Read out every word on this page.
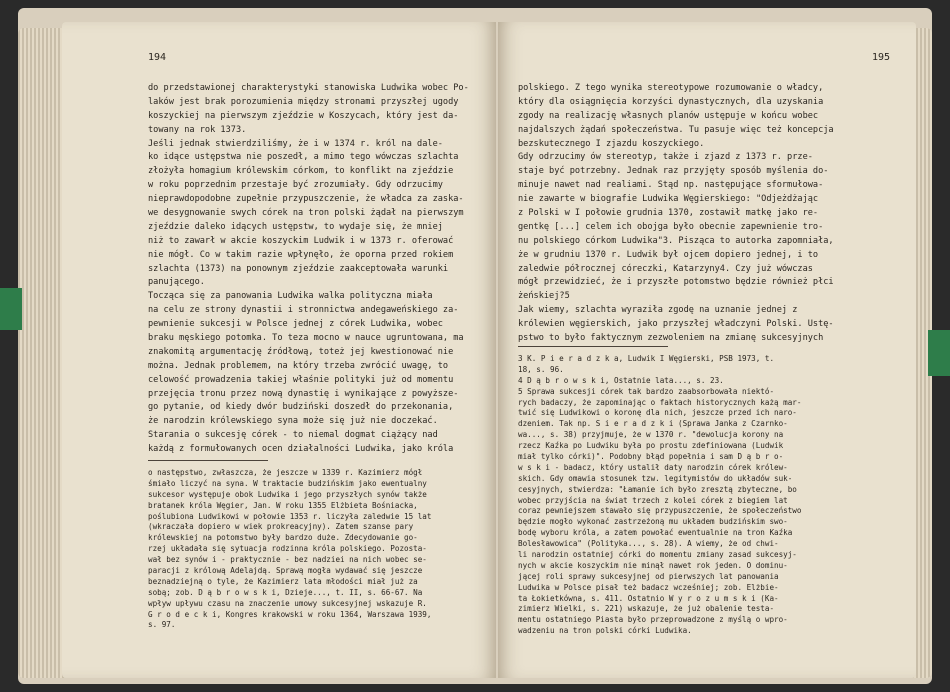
194
do przedstawionej charakterystyki stanowiska Ludwika wobec Po-
laków jest brak porozumienia między stronami przyszłej ugody
koszyckiej na pierwszym zjeździe w Koszycach, który jest da-
towany na rok 1373.
Jeśli jednak stwierdziliśmy, że i w 1374 r. król na dale-
ko idące ustępstwa nie poszedł, a mimo tego wówczas szlachta
złożyła homagium królewskim córkom, to konflikt na zjeździe
w roku poprzednim przestaje być zrozumiały. Gdy odrzucimy
nieprawdopodobne zupełnie przypuszczenie, że władca za zaska-
we desygnowanie swych córek na tron polski żądał na pierwszym
zjeździe daleko idących ustępstw, to wydaje się, że mniej
niż to zawarł w akcie koszyckim Ludwik i w 1373 r. oferować
nie mógł. Co w takim razie wpłynęło, że oporna przed rokiem
szlachta (1373) na ponownym zjeździe zaakceptowała warunki
panującego.
Tocząca się za panowania Ludwika walka polityczna miała
na celu ze strony dynastii i stronnictwa andegaweńskiego za-
pewnienie sukcesji w Polsce jednej z córek Ludwika, wobec
braku męskiego potomka. To teza mocno w nauce ugruntowana, ma
znakomitą argumentację źródłową, toteż jej kwestionować nie
można. Jednak problemem, na który trzeba zwrócić uwagę, to
celowość prowadzenia takiej właśnie polityki już od momentu
przejęcia tronu przez nową dynastię i wynikające z powyższe-
go pytanie, od kiedy dwór budziński doszedł do przekonania,
że narodzin królewskiego syna może się już nie doczekać.
Starania o sukcesję córek - to niemal dogmat ciążący nad
każdą z formułowanych ocen działalności Ludwika, jako króla
o następstwo, zwłaszcza, że jeszcze w 1339 r. Kazimierz mógł
śmiało liczyć na syna. W traktacie budzińskim jako ewentualny
sukcesor występuje obok Ludwika i jego przyszłych synów także
bratanek króla Węgier, Jan. W roku 1355 Elżbieta Bośniacka,
poślubiona Ludwikowi w połowie 1353 r. liczyła zaledwie 15 lat
(wkraczała dopiero w wiek prokreacyjny). Zatem szanse pary
królewskiej na potomstwo były bardzo duże. Zdecydowanie go-
rzej układała się sytuacja rodzinna króla polskiego. Pozosta-
wał bez synów i - praktycznie - bez nadziei na nich wobec se-
paracji z królową Adelajdą. Sprawą mogła wydawać się jeszcze
beznadziejną o tyle, że Kazimierz lata młodości miał już za
sobą; zob. D ą b r o w s k i, Dzieje..., t. II, s. 66-67. Na
wpływ upływu czasu na znaczenie umowy sukcesyjnej wskazuje R.
G r o d e c k i, Kongres krakowski w roku 1364, Warszawa 1939,
s. 97.
195
polskiego. Z tego wynika stereotypowe rozumowanie o władcy,
który dla osiągnięcia korzyści dynastycznych, dla uzyskania
zgody na realizację własnych planów ustępuje w końcu wobec
najdalszych żądań społeczeństwa. Tu pasuje więc też koncepcja
bezskutecznego I zjazdu koszyckiego.
Gdy odrzucimy ów stereotyp, także i zjazd z 1373 r. prze-
staje być potrzebny. Jednak raz przyjęty sposób myślenia do-
minuje nawet nad realiami. Stąd np. następujące sformułowa-
nie zawarte w biografie Ludwika Węgierskiego: "Odjeżdżając
z Polski w I połowie grudnia 1370, zostawił matkę jako re-
gentkę [...] celem ich obojga było obecnie zapewnienie tro-
nu polskiego córkom Ludwika"3. Pisząca to autorka zapomniała,
że w grudniu 1370 r. Ludwik był ojcem dopiero jednej, i to
zaledwie półrocznej córeczki, Katarzyny4. Czy już wówczas
mógł przewidzieć, że i przyszłe potomstwo będzie również płci
żeńskiej?5
Jak wiemy, szlachta wyraziła zgodę na uznanie jednej z
królewien węgierskich, jako przyszłej władczyni Polski. Ustę-
pstwo to było faktycznym zezwoleniem na zmianę sukcesyjnych
3 K. P i e r a d z k a, Ludwik I Węgierski, PSB 1973, t.
18, s. 96.
4 D ą b r o w s k i, Ostatnie lata..., s. 23.
5 Sprawa sukcesji córek tak bardzo zaabsorbowała niektó-
rych badaczy, że zapominając o faktach historycznych każą mar-
twić się Ludwikowi o koronę dla nich, jeszcze przed ich naro-
dzeniem. Tak np. S i e r a d z k i (Sprawa Janka z Czarnko-
wa..., s. 38) przyjmuje, że w 1370 r. "dewolucja korony na
rzecz Kaźka po Ludwiku była po prostu zdefiniowana (Ludwik
miał tylko córki)". Podobny błąd popełnia i sam D ą b r o-
w s k i - badacz, który ustalił daty narodzin córek królew-
skich. Gdy omawia stosunek tzw. legitymistów do układów suk-
cesyjnych, stwierdza: "Łamanie ich było zresztą zbyteczne, bo
wobec przyjścia na świat trzech z kolei córek z biegiem lat
coraz pewniejszem stawało się przypuszczenie, że społeczeństwo
będzie mogło wykonać zastrzeżoną mu układem budzińskim swo-
bodę wyboru króla, a zatem powołać ewentualnie na tron Kaźka
Bolesławowica" (Polityka..., s. 28). A wiemy, że od chwi-
li narodzin ostatniej córki do momentu zmiany zasad sukcesyj-
nych w akcie koszyckim nie minął nawet rok jeden. O dominu-
jącej roli sprawy sukcesyjnej od pierwszych lat panowania
Ludwika w Polsce pisał też badacz wcześniej; zob. Elżbie-
ta Łokietkówna, s. 411. Ostatnio W y r o z u m s k i (Ka-
zimierz Wielki, s. 221) wskazuje, że już obalenie testa-
mentu ostatniego Piasta było przeprowadzone z myślą o wpro-
wadzeniu na tron polski córki Ludwika.
